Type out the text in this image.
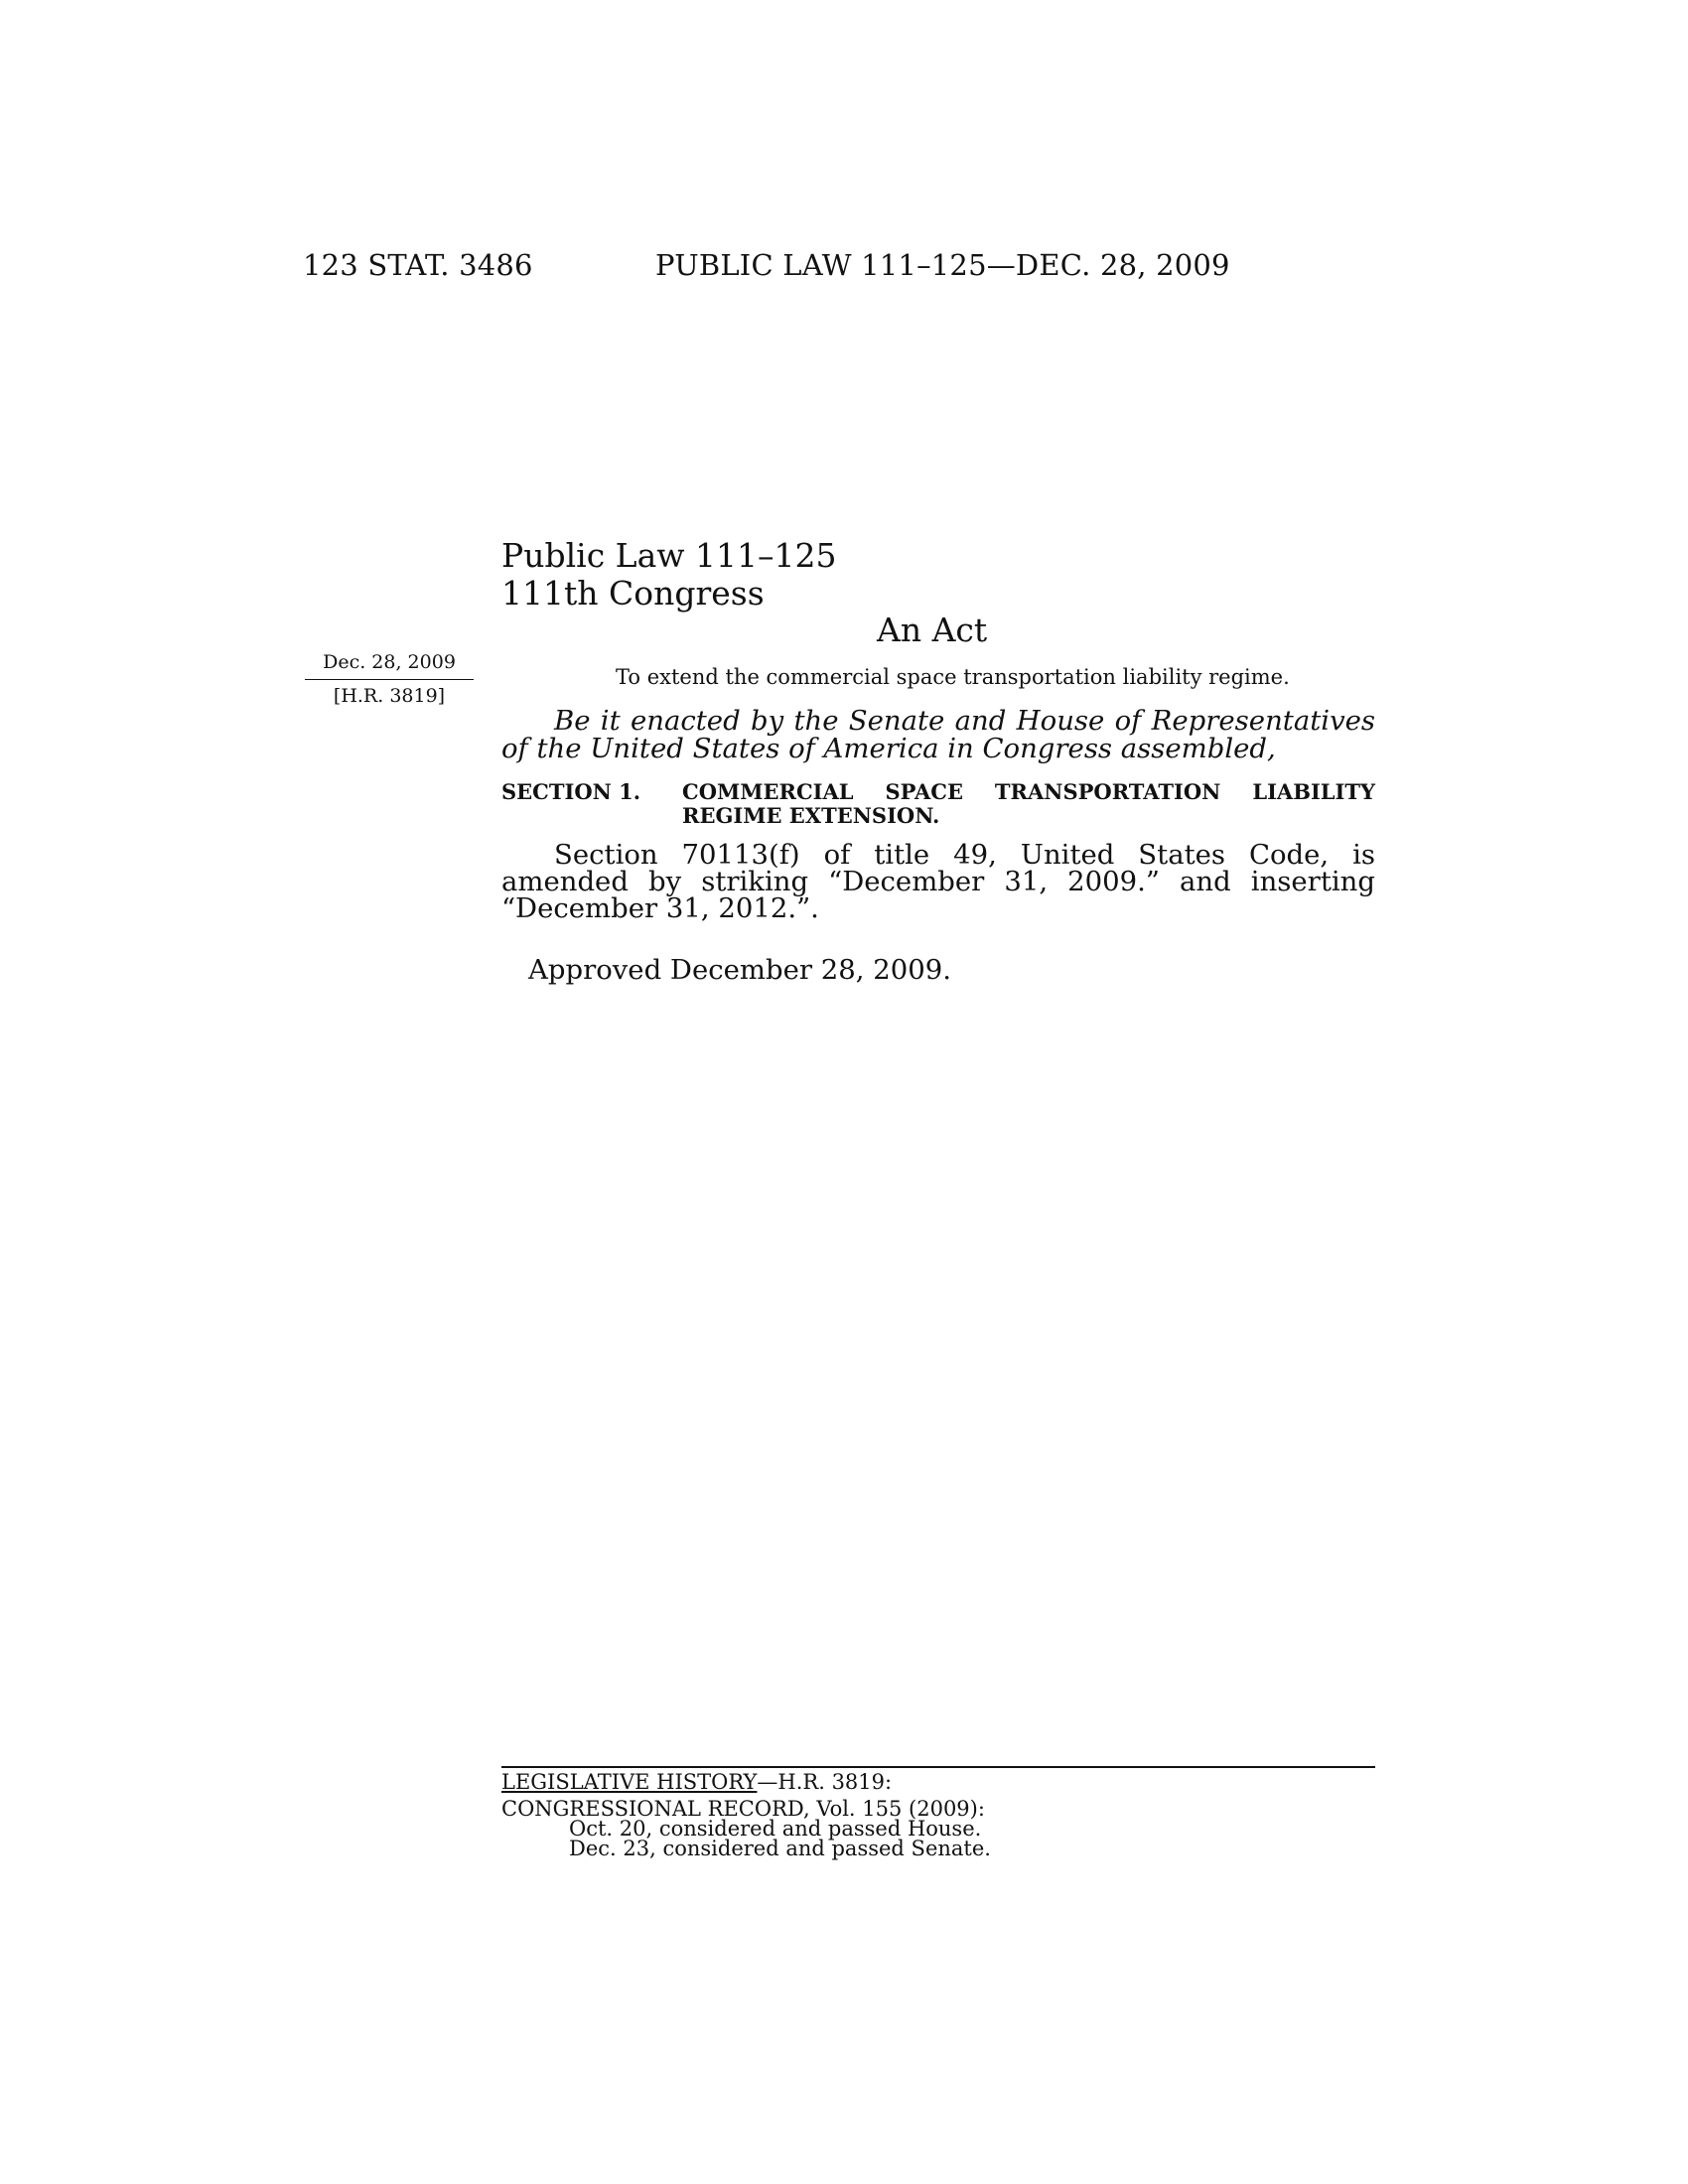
123 STAT. 3486	PUBLIC LAW 111–125—DEC. 28, 2009
Public Law 111–125
111th Congress
An Act
Dec. 28, 2009
[H.R. 3819]
To extend the commercial space transportation liability regime.
Be it enacted by the Senate and House of Representatives of the United States of America in Congress assembled,
SECTION 1. COMMERCIAL SPACE TRANSPORTATION LIABILITY REGIME EXTENSION.
Section 70113(f) of title 49, United States Code, is amended by striking “December 31, 2009.” and inserting “December 31, 2012.”.
Approved December 28, 2009.
LEGISLATIVE HISTORY—H.R. 3819:
CONGRESSIONAL RECORD, Vol. 155 (2009):
Oct. 20, considered and passed House.
Dec. 23, considered and passed Senate.
